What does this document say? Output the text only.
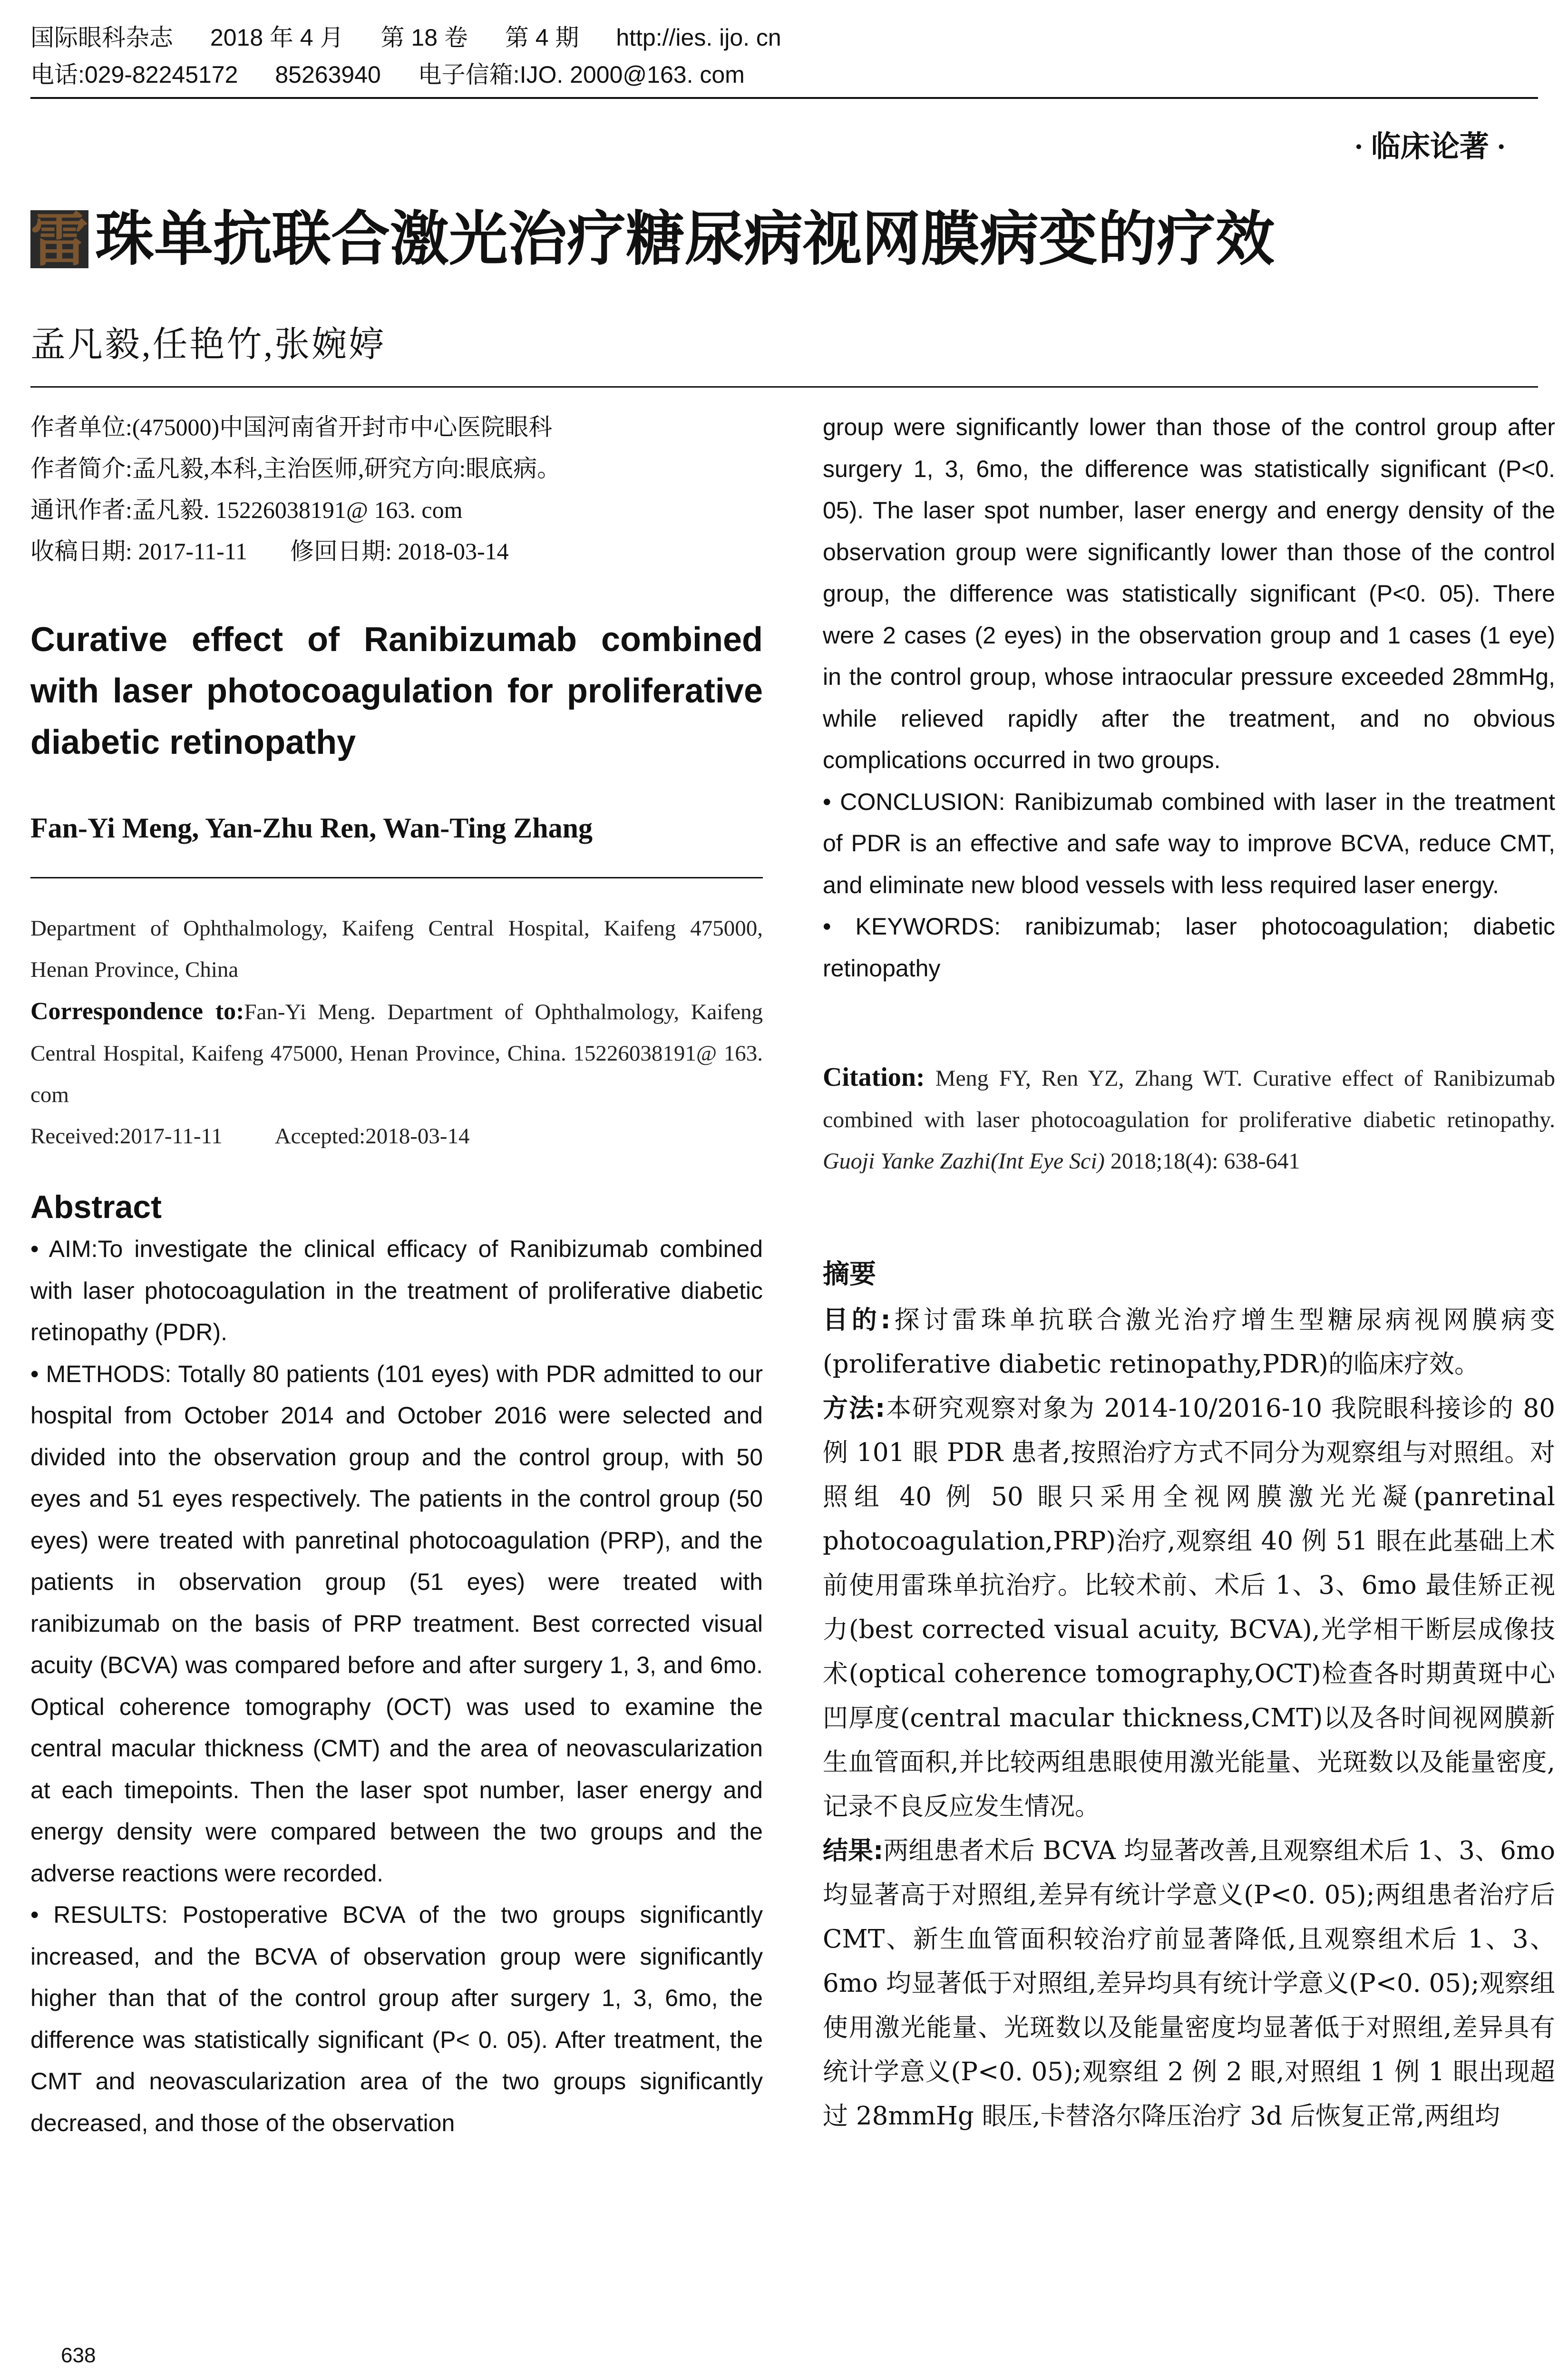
国际眼科杂志 2018 年 4 月 第 18 卷 第 4 期 http://ies. ijo. cn
电话:029-82245172 85263940 电子信箱:IJO. 2000@163. com
· 临床论著 ·
雷 珠单抗联合激光治疗糖尿病视网膜病变的疗效
孟凡毅,任艳竹,张婉婷
作者单位:(475000)中国河南省开封市中心医院眼科
作者简介:孟凡毅,本科,主治医师,研究方向:眼底病。
通讯作者:孟凡毅. 15226038191@ 163. com
收稿日期: 2017-11-11 修回日期: 2018-03-14
Curative effect of Ranibizumab combined with laser photocoagulation for proliferative diabetic retinopathy
Fan-Yi Meng, Yan-Zhu Ren, Wan-Ting Zhang
Department of Ophthalmology, Kaifeng Central Hospital, Kaifeng 475000, Henan Province, China
Correspondence to:Fan-Yi Meng. Department of Ophthalmology, Kaifeng Central Hospital, Kaifeng 475000, Henan Province, China. 15226038191@ 163. com
Received:2017-11-11 Accepted:2018-03-14
Abstract

• AIM:To investigate the clinical efficacy of Ranibizumab combined with laser photocoagulation in the treatment of proliferative diabetic retinopathy (PDR).

• METHODS: Totally 80 patients (101 eyes) with PDR admitted to our hospital from October 2014 and October 2016 were selected and divided into the observation group and the control group, with 50 eyes and 51 eyes respectively. The patients in the control group (50 eyes) were treated with panretinal photocoagulation (PRP), and the patients in observation group (51 eyes) were treated with ranibizumab on the basis of PRP treatment. Best corrected visual acuity (BCVA) was compared before and after surgery 1, 3, and 6mo. Optical coherence tomography (OCT) was used to examine the central macular thickness (CMT) and the area of neovascularization at each timepoints. Then the laser spot number, laser energy and energy density were compared between the two groups and the adverse reactions were recorded.

• RESULTS: Postoperative BCVA of the two groups significantly increased, and the BCVA of observation group were significantly higher than that of the control group after surgery 1, 3, 6mo, the difference was statistically significant (P< 0. 05). After treatment, the CMT and neovascularization area of the two groups significantly decreased, and those of the observation

group were significantly lower than those of the control group after surgery 1, 3, 6mo, the difference was statistically significant (P<0. 05). The laser spot number, laser energy and energy density of the observation group were significantly lower than those of the control group, the difference was statistically significant (P<0. 05). There were 2 cases (2 eyes) in the observation group and 1 cases (1 eye) in the control group, whose intraocular pressure exceeded 28mmHg, while relieved rapidly after the treatment, and no obvious complications occurred in two groups.

• CONCLUSION: Ranibizumab combined with laser in the treatment of PDR is an effective and safe way to improve BCVA, reduce CMT, and eliminate new blood vessels with less required laser energy.

• KEYWORDS: ranibizumab; laser photocoagulation; diabetic retinopathy

Citation: Meng FY, Ren YZ, Zhang WT. Curative effect of Ranibizumab combined with laser photocoagulation for proliferative diabetic retinopathy. Guoji Yanke Zazhi(Int Eye Sci) 2018;18(4): 638-641
摘要

目的:探讨雷珠单抗联合激光治疗增生型糖尿病视网膜病变(proliferative diabetic retinopathy,PDR)的临床疗效。

方法:本研究观察对象为 2014-10/2016-10 我院眼科接诊的 80 例 101 眼 PDR 患者,按照治疗方式不同分为观察组与对照组。对照组 40 例 50 眼只采用全视网膜激光光凝(panretinal photocoagulation,PRP)治疗,观察组 40 例 51 眼在此基础上术前使用雷珠单抗治疗。比较术前、术后 1、3、6mo 最佳矫正视力(best corrected visual acuity, BCVA),光学相干断层成像技术(optical coherence tomography,OCT)检查各时期黄斑中心凹厚度(central macular thickness,CMT)以及各时间视网膜新生血管面积,并比较两组患眼使用激光能量、光斑数以及能量密度,记录不良反应发生情况。

结果:两组患者术后 BCVA 均显著改善,且观察组术后 1、3、6mo 均显著高于对照组,差异有统计学意义(P<0. 05);两组患者治疗后 CMT、新生血管面积较治疗前显著降低,且观察组术后 1、3、6mo 均显著低于对照组,差异均具有统计学意义(P<0. 05);观察组使用激光能量、光斑数以及能量密度均显著低于对照组,差异具有统计学意义(P<0. 05);观察组 2 例 2 眼,对照组 1 例 1 眼出现超过 28mmHg 眼压,卡替洛尔降压治疗 3d 后恢复正常,两组均

638
